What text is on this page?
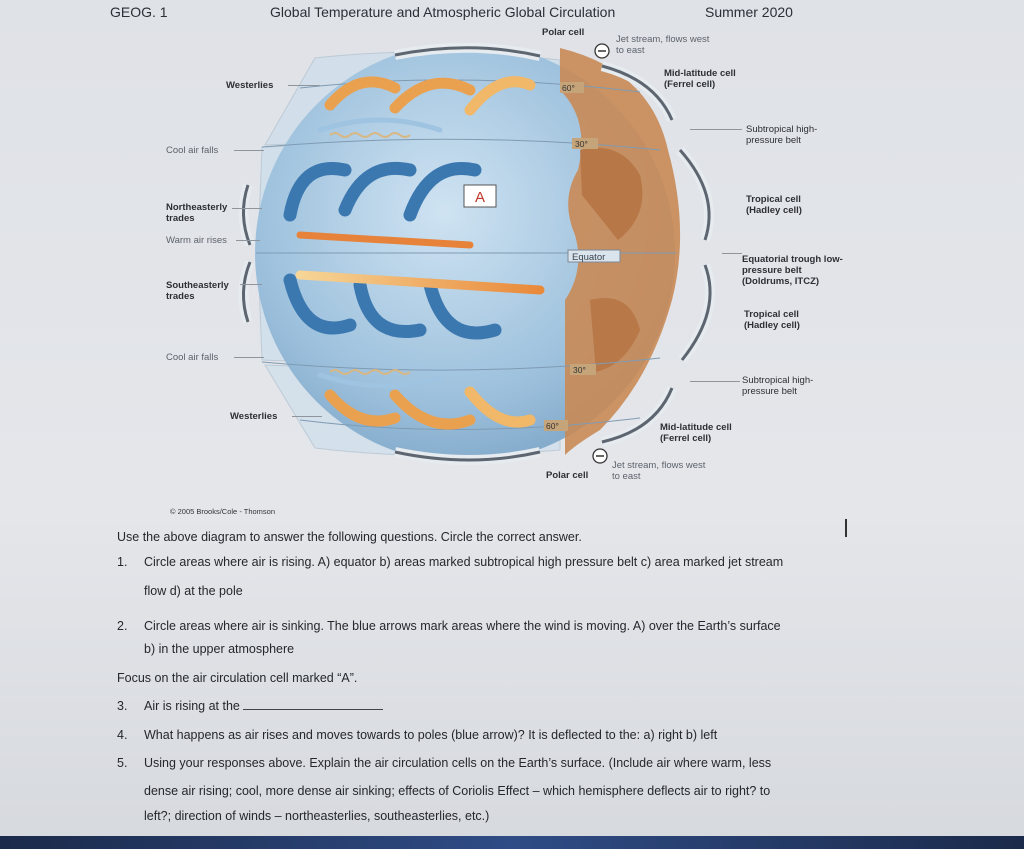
GEOG. 1	Global Temperature and Atmospheric Global Circulation	Summer 2020
A
Equator
60°
30°
30°
60°
Westerlies
Cool air falls
Northeasterly trades
Warm air rises
Southeasterly trades
Cool air falls
Westerlies
Polar cell
Jet stream, flows west to east
Polar cell
Jet stream, flows west to east
Mid-latitude cell (Ferrel cell)
Subtropical high-pressure belt
Tropical cell (Hadley cell)
Equatorial trough low-pressure belt (Doldrums, ITCZ)
Tropical cell (Hadley cell)
Subtropical high-pressure belt
Mid-latitude cell (Ferrel cell)
© 2005 Brooks/Cole - Thomson
Use the above diagram to answer the following questions. Circle the correct answer.
1. Circle areas where air is rising. A) equator b) areas marked subtropical high pressure belt c) area marked jet stream
flow d) at the pole
2. Circle areas where air is sinking. The blue arrows mark areas where the wind is moving. A) over the Earth’s surface
b) in the upper atmosphere
Focus on the air circulation cell marked “A”.
3. Air is rising at the
4. What happens as air rises and moves towards to poles (blue arrow)? It is deflected to the: a) right b) left
5. Using your responses above. Explain the air circulation cells on the Earth’s surface. (Include air where warm, less
dense air rising; cool, more dense air sinking; effects of Coriolis Effect – which hemisphere deflects air to right? to
left?; direction of winds – northeasterlies, southeasterlies, etc.)
